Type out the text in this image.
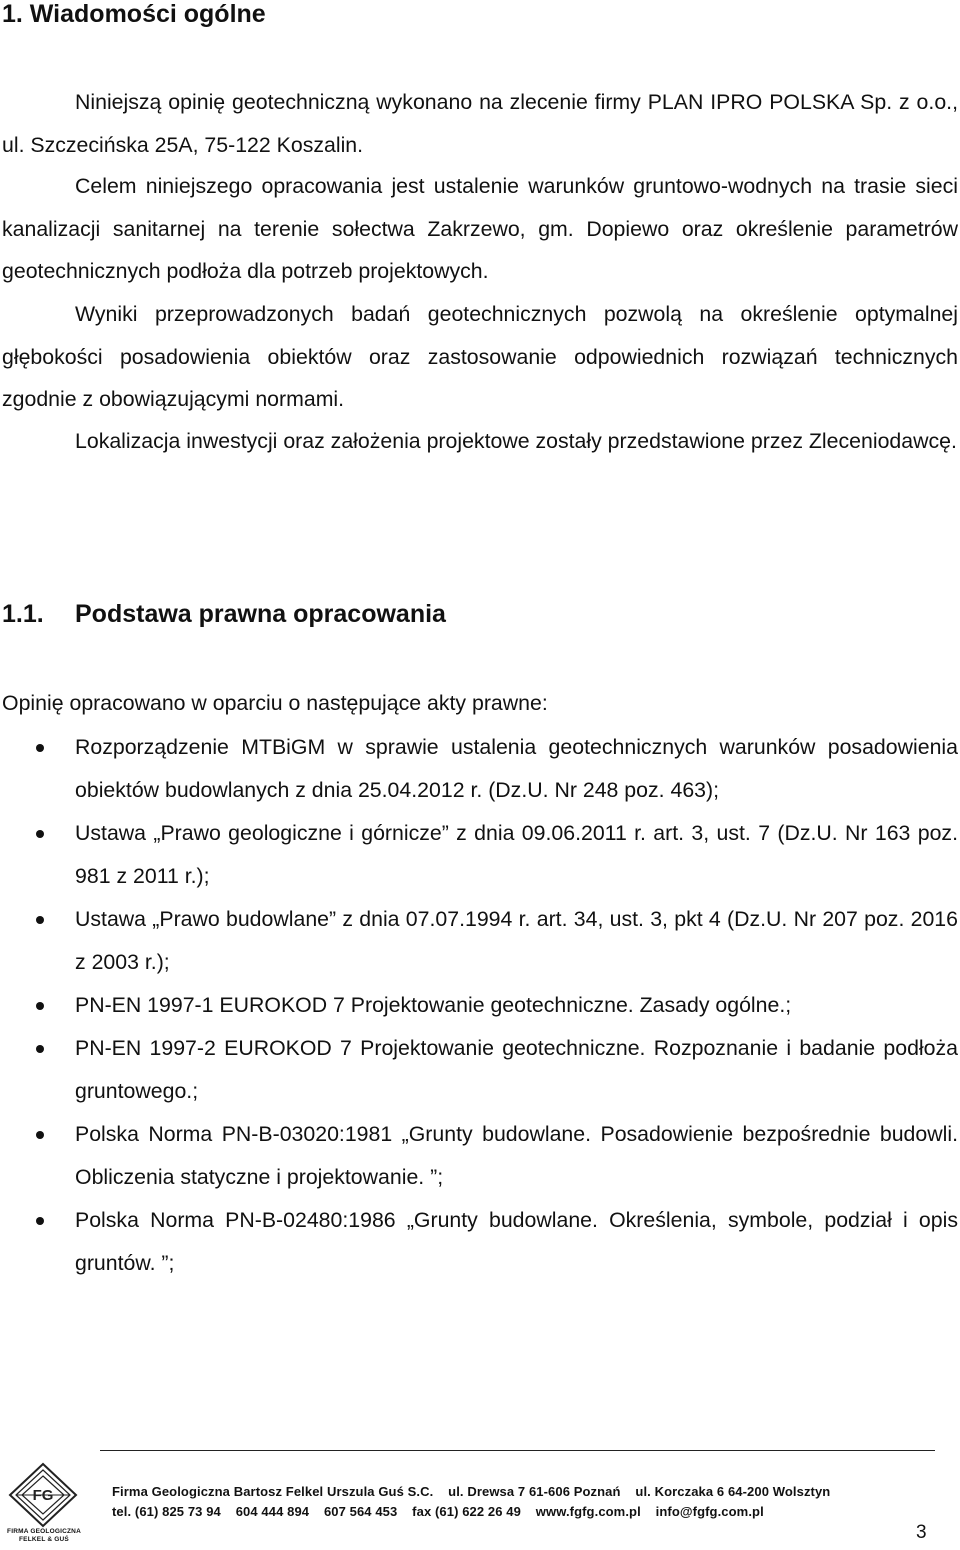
1. Wiadomości ogólne

Niniejszą opinię geotechniczną wykonano na zlecenie firmy PLAN IPRO POLSKA Sp. z o.o., ul. Szczecińska 25A, 75-122 Koszalin.

Celem niniejszego opracowania jest ustalenie warunków gruntowo-wodnych na trasie sieci kanalizacji sanitarnej na terenie sołectwa Zakrzewo, gm. Dopiewo oraz określenie parametrów geotechnicznych podłoża dla potrzeb projektowych.

Wyniki przeprowadzonych badań geotechnicznych pozwolą na określenie optymalnej głębokości posadowienia obiektów oraz zastosowanie odpowiednich rozwiązań technicznych zgodnie z obowiązującymi normami.

Lokalizacja inwestycji oraz założenia projektowe zostały przedstawione przez Zleceniodawcę.

1.1. Podstawa prawna opracowania

Opinię opracowano w oparciu o następujące akty prawne:

Rozporządzenie MTBiGM w sprawie ustalenia geotechnicznych warunków posadowienia obiektów budowlanych z dnia 25.04.2012 r. (Dz.U. Nr 248 poz. 463);
Ustawa „Prawo geologiczne i górnicze” z dnia 09.06.2011 r. art. 3, ust. 7 (Dz.U. Nr 163 poz. 981 z 2011 r.);
Ustawa „Prawo budowlane” z dnia 07.07.1994 r. art. 34, ust. 3, pkt 4 (Dz.U. Nr 207 poz. 2016 z 2003 r.);
PN-EN 1997-1 EUROKOD 7 Projektowanie geotechniczne. Zasady ogólne.;
PN-EN 1997-2 EUROKOD 7 Projektowanie geotechniczne. Rozpoznanie i badanie podłoża gruntowego.;
Polska Norma PN-B-03020:1981 „Grunty budowlane. Posadowienie bezpośrednie budowli. Obliczenia statyczne i projektowanie. ”;
Polska Norma PN-B-02480:1986 „Grunty budowlane. Określenia, symbole, podział i opis gruntów. ”;
FG
FIRMA GEOLOGICZNA FELKEL & GUŚ
Firma Geologiczna Bartosz Felkel Urszula Guś S.C.    ul. Drewsa 7 61-606 Poznań    ul. Korczaka 6 64-200 Wolsztyn
tel. (61) 825 73 94    604 444 894    607 564 453    fax (61) 622 26 49    www.fgfg.com.pl    info@fgfg.com.pl
3
